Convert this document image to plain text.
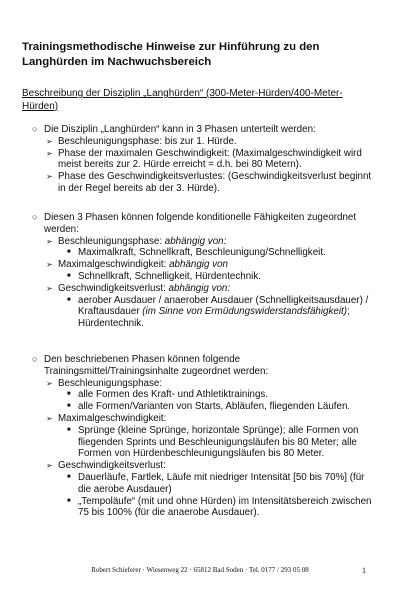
Trainingsmethodische Hinweise zur Hinführung zu den Langhürden im Nachwuchsbereich
Beschreibung der Disziplin „Langhürden“ (300-Meter-Hürden/400-Meter-Hürden)
○ Die Disziplin „Langhürden“ kann in 3 Phasen unterteilt werden:
➢ Beschleunigungsphase: bis zur 1. Hürde.
➢ Phase der maximalen Geschwindigkeit: (Maximalgeschwindigkeit wird meist bereits zur 2. Hürde erreicht = d.h. bei 80 Metern).
➢ Phase des Geschwindigkeitsverlustes: (Geschwindigkeitsverlust beginnt in der Regel bereits ab der 3. Hürde).
○ Diesen 3 Phasen können folgende konditionelle Fähigkeiten zugeordnet werden:
➢ Beschleunigungsphase: abhängig von:
■ Maximalkraft, Schnellkraft, Beschleunigung/Schnelligkeit.
➢ Maximalgeschwindigkeit: abhängig von
■ Schnellkraft, Schnelligkeit, Hürdentechnik.
➢ Geschwindigkeitsverlust: abhängig von:
■ aerober Ausdauer / anaerober Ausdauer (Schnelligkeitsausdauer) / Kraftausdauer (im Sinne von Ermüdungswiderstandsfähigkeit); Hürdentechnik.
○ Den beschriebenen Phasen können folgende Trainingsmittel/Trainingsinhalte zugeordnet werden:
➢ Beschleunigungsphase:
■ alle Formen des Kraft- und Athletiktrainings.
■ alle Formen/Varianten von Starts, Abläufen, fliegenden Läufen.
➢ Maximalgeschwindigkeit:
■ Sprünge (kleine Sprünge, horizontale Sprünge); alle Formen von fliegenden Sprints und Beschleunigungsläufen bis 80 Meter; alle Formen von Hürdenbeschleunigungsläufen bis 80 Meter.
➢ Geschwindigkeitsverlust:
■ Dauerläufe, Fartlek, Läufe mit niedriger Intensität [50 bis 70%] (für die aerobe Ausdauer)
■ „Tempoläufe“ (mit und ohne Hürden) im Intensitätsbereich zwischen 75 bis 100% (für die anaerobe Ausdauer).
Robert Schieferer · Wiesenweg 22 · 65812 Bad Soden · Tel. 0177 / 293 05 08	1
